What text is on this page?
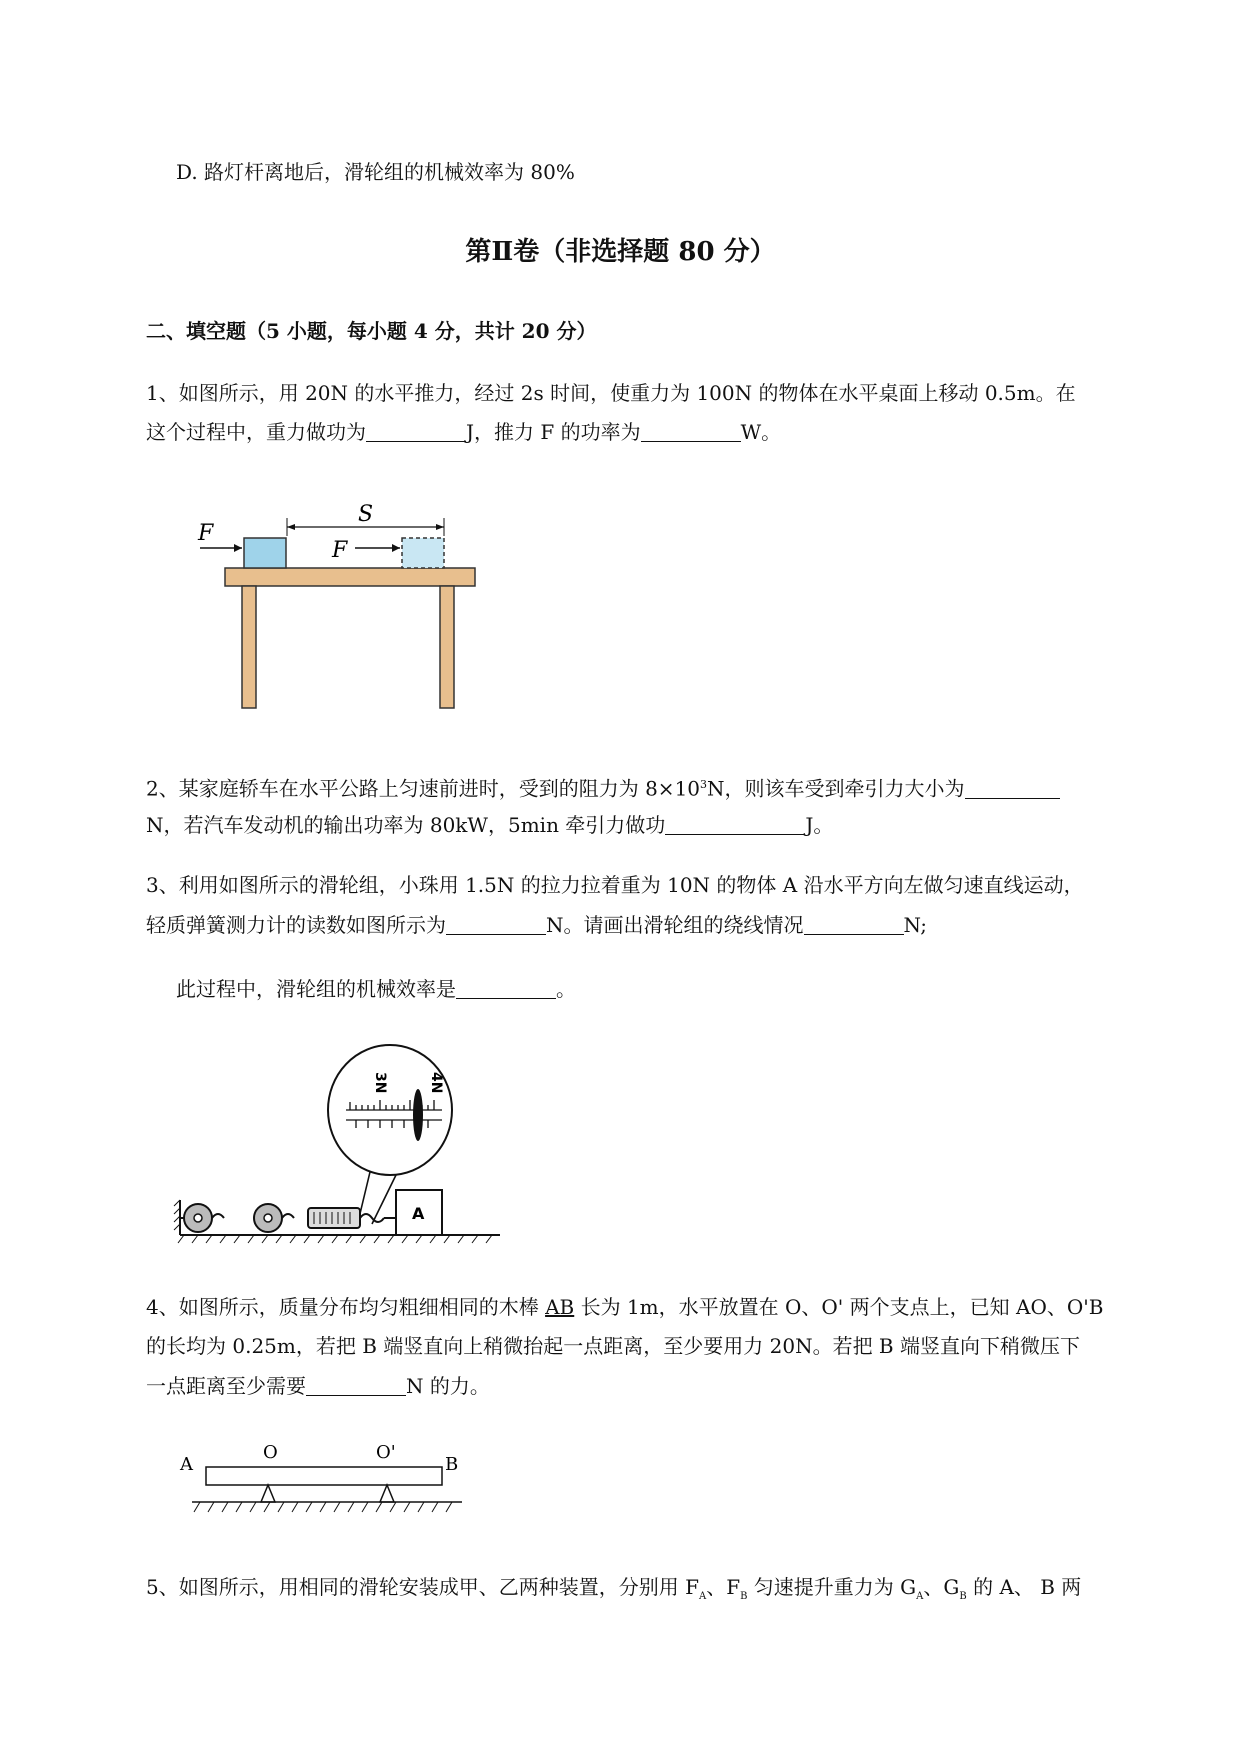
D. 路灯杆离地后，滑轮组的机械效率为 80%
第Ⅱ卷（非选择题 80 分）
二、填空题（5 小题，每小题 4 分，共计 20 分）
1、如图所示，用 20N 的水平推力，经过 2s 时间，使重力为 100N 的物体在水平桌面上移动 0.5m。在
这个过程中，重力做功为	J，推力 F 的功率为	W。
F
S
F
2、某家庭轿车在水平公路上匀速前进时，受到的阻力为 $8\times 10^3N$，则该车受到牵引力大小为
N，若汽车发动机的输出功率为 80kW，5min 牵引力做功	J。
3、利用如图所示的滑轮组，小珠用 1.5N 的拉力拉着重为 10N 的物体 A 沿水平方向左做匀速直线运动，
轻质弹簧测力计的读数如图所示为	N。请画出滑轮组的绕线情况	N;
此过程中，滑轮组的机械效率是	。
3N	4N
A
4、如图所示，质量分布均匀粗细相同的木棒 AB 长为 1m，水平放置在 O、O' 两个支点上，已知 AO、O'B
的长均为 0.25m，若把 B 端竖直向上稍微抬起一点距离，至少要用力 20N。若把 B 端竖直向下稍微压下
一点距离至少需要	N 的力。
A
O	O'
B
5、如图所示，用相同的滑轮安装成甲、乙两种装置，分别用 $F_A$、$F_B$ 匀速提升重力为 $G_A$、$G_B$ 的 A、 B 两
